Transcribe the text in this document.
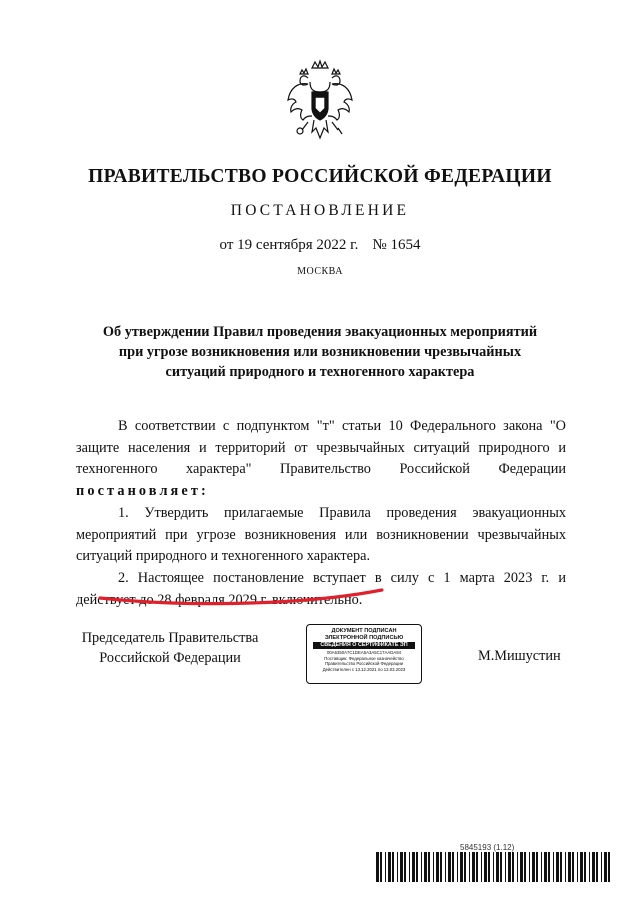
ПРАВИТЕЛЬСТВО РОССИЙСКОЙ ФЕДЕРАЦИИ
ПОСТАНОВЛЕНИЕ
от 19 сентября 2022 г. № 1654
МОСКВА
Об утверждении Правил проведения эвакуационных мероприятий
при угрозе возникновения или возникновении чрезвычайных
ситуаций природного и техногенного характера

В соответствии с подпунктом "т" статьи 10 Федерального закона "О защите населения и территорий от чрезвычайных ситуаций природного и техногенного характера" Правительство Российской Федерации постановляет:

1. Утвердить прилагаемые Правила проведения эвакуационных мероприятий при угрозе возникновения или возникновении чрезвычайных ситуаций природного и техногенного характера.

2. Настоящее постановление вступает в силу с 1 марта 2023 г. и действует до 28 февраля 2029 г. включительно.

Председатель Правительства
Российской Федерации
ДОКУМЕНТ ПОДПИСАН
ЭЛЕКТРОННОЙ ПОДПИСЬЮ
СВЕДЕНИЯ О СЕРТИФИКАТЕ ЭП
00A6350A7C1DEA5A3A5C17AADA94
Поставщик: Федеральное казначейство
Правительство Российской Федерации
Действителен с 13.12.2021 по 13.03.2023
М.Мишустин
5845193 (1.12)
